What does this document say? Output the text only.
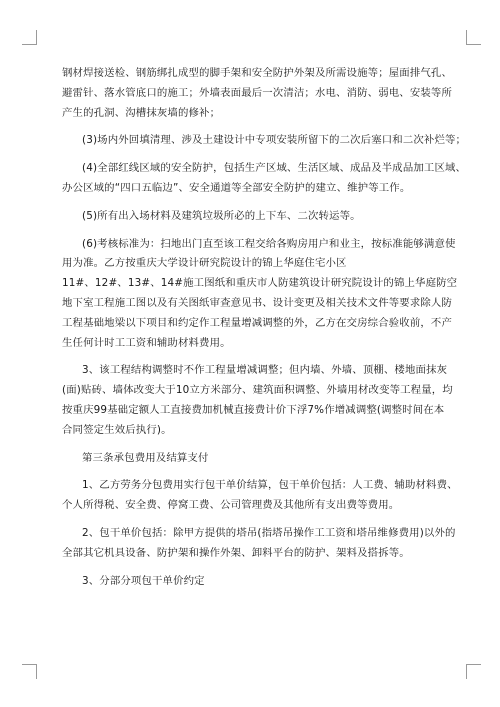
钢材焊接送检、钢筋绑扎成型的脚手架和安全防护外架及所需设施等；屋面排气孔、
避雷针、落水管底口的施工；外墙表面最后一次清洁；水电、消防、弱电、安装等所
产生的孔洞、沟槽抹灰墙的修补；
(3)场内外回填清理、涉及土建设计中专项安装所留下的二次后塞口和二次补烂等；
(4)全部红线区域的安全防护，包括生产区域、生活区域、成品及半成品加工区域、
办公区域的“四口五临边”、安全通道等全部安全防护的建立、维护等工作。
(5)所有出入场材料及建筑垃圾所必的上下车、二次转运等。
(6)考核标准为：扫地出门直至该工程交给各购房用户和业主，按标准能够满意使
用为准。乙方按重庆大学设计研究院设计的锦上华庭住宅小区
11#、12#、13#、14#施工图纸和重庆市人防建筑设计研究院设计的锦上华庭防空
地下室工程施工图以及有关图纸审查意见书、设计变更及相关技术文件等要求除人防
工程基础地梁以下项目和约定作工程量增减调整的外，乙方在交房综合验收前，不产
生任何计时工工资和辅助材料费用。
3、该工程结构调整时不作工程量增减调整；但内墙、外墙、顶棚、楼地面抹灰
(面)贴砖、墙体改变大于10立方米部分、建筑面积调整、外墙用材改变等工程量，均
按重庆99基础定额人工直接费加机械直接费计价下浮7%作增减调整(调整时间在本
合同签定生效后执行)。
第三条承包费用及结算支付
1、乙方劳务分包费用实行包干单价结算，包干单价包括：人工费、辅助材料费、
个人所得税、安全费、停窝工费、公司管理费及其他所有支出费等费用。
2、包干单价包括：除甲方提供的塔吊(指塔吊操作工工资和塔吊维修费用)以外的
全部其它机具设备、防护架和操作外架、卸料平台的防护、架料及搭拆等。
3、分部分项包干单价约定
